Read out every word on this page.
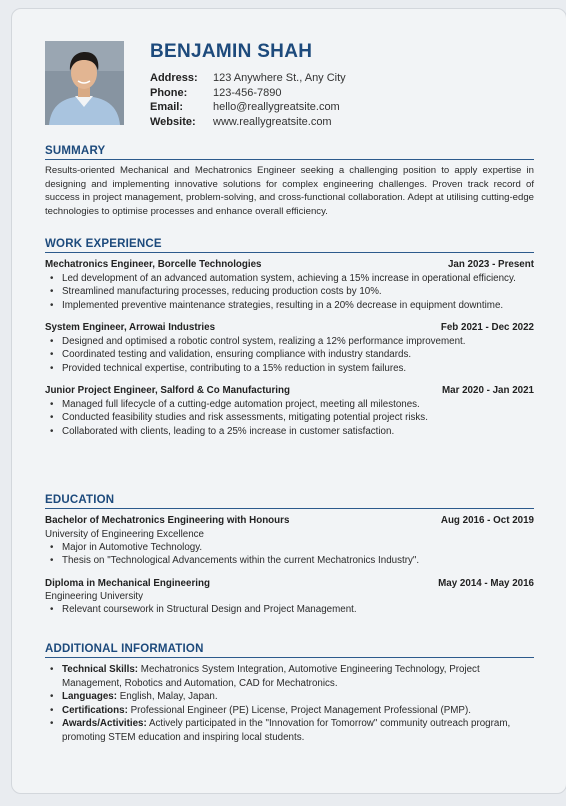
BENJAMIN SHAH
Address:	123 Anywhere St., Any City
Phone:	123-456-7890
Email:	hello@reallygreatsite.com
Website:	www.reallygreatsite.com
SUMMARY
Results-oriented Mechanical and Mechatronics Engineer seeking a challenging position to apply expertise in designing and implementing innovative solutions for complex engineering challenges. Proven track record of success in project management, problem-solving, and cross-functional collaboration. Adept at utilising cutting-edge technologies to optimise processes and enhance overall efficiency.
WORK EXPERIENCE
Mechatronics Engineer, Borcelle Technologies	Jan 2023 - Present
• Led development of an advanced automation system, achieving a 15% increase in operational efficiency.
• Streamlined manufacturing processes, reducing production costs by 10%.
• Implemented preventive maintenance strategies, resulting in a 20% decrease in equipment downtime.
System Engineer, Arrowai Industries	Feb 2021 - Dec 2022
• Designed and optimised a robotic control system, realizing a 12% performance improvement.
• Coordinated testing and validation, ensuring compliance with industry standards.
• Provided technical expertise, contributing to a 15% reduction in system failures.
Junior Project Engineer, Salford & Co Manufacturing	Mar 2020 - Jan 2021
• Managed full lifecycle of a cutting-edge automation project, meeting all milestones.
• Conducted feasibility studies and risk assessments, mitigating potential project risks.
• Collaborated with clients, leading to a 25% increase in customer satisfaction.
EDUCATION
Bachelor of Mechatronics Engineering with Honours	Aug 2016 - Oct 2019
University of Engineering Excellence
• Major in Automotive Technology.
• Thesis on "Technological Advancements within the current Mechatronics Industry".
Diploma in Mechanical Engineering	May 2014 - May 2016
Engineering University
• Relevant coursework in Structural Design and Project Management.
ADDITIONAL INFORMATION
• Technical Skills: Mechatronics System Integration, Automotive Engineering Technology, Project Management, Robotics and Automation, CAD for Mechatronics.
• Languages: English, Malay, Japan.
• Certifications: Professional Engineer (PE) License, Project Management Professional (PMP).
• Awards/Activities: Actively participated in the "Innovation for Tomorrow" community outreach program, promoting STEM education and inspiring local students.
